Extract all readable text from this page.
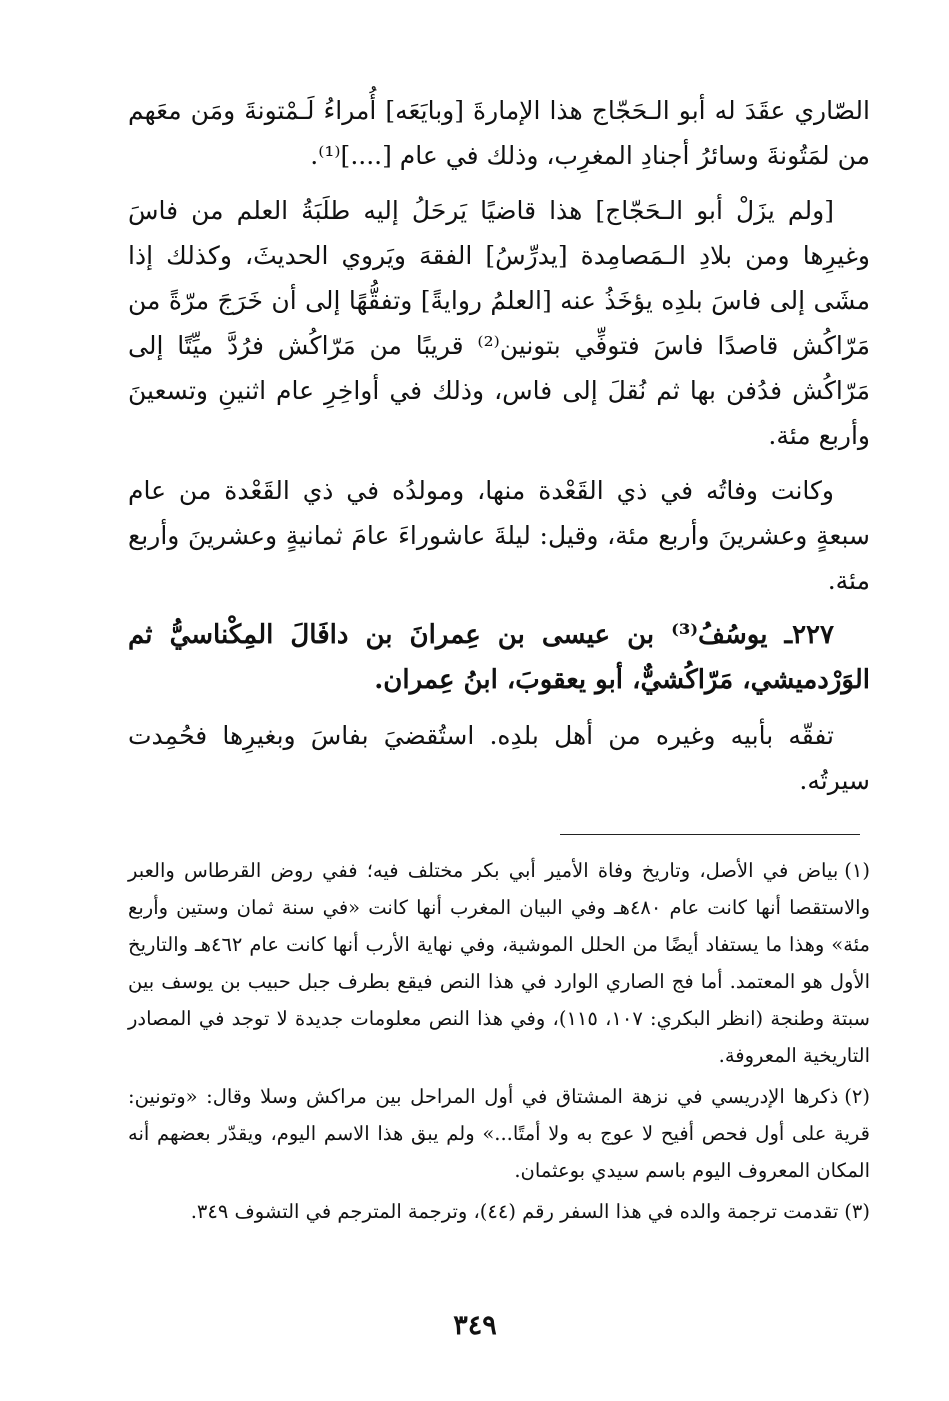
الصّاري عقَدَ له أبو الـحَجّاج هذا الإمارةَ [وبايَعَه] أُمراءُ لَـمْتونةَ ومَن معَهم من لمَتُونةَ وسائرُ أجنادِ المغرِب، وذلك في عام [....]⁽¹⁾.

[ولم يزَلْ أبو الـحَجّاج] هذا قاضيًا يَرحَلُ إليه طلَبَةُ العلم من فاسَ وغيرِها ومن بلادِ الـمَصامِدة [يدرِّسُ] الفقهَ ويَروي الحديثَ، وكذلك إذا مشَى إلى فاسَ بلدِه يؤخَذُ عنه [العلمُ روايةً] وتفقُّهًا إلى أن خَرَجَ مرّةً من مَرّاكُش قاصدًا فاسَ فتوفِّي بتونين⁽²⁾ قريبًا من مَرّاكُش فرُدَّ ميِّتًا إلى مَرّاكُش فدُفن بها ثم نُقلَ إلى فاس، وذلك في أواخِرِ عام اثنينِ وتسعينَ وأربع مئة.

وكانت وفاتُه في ذي القَعْدة منها، ومولدُه في ذي القَعْدة من عام سبعةٍ وعشرينَ وأربع مئة، وقيل: ليلةَ عاشوراءَ عامَ ثمانيةٍ وعشرينَ وأربع مئة.

٢٢٧ـ يوسُفُ⁽³⁾ بن عيسى بن عِمرانَ بن دافَالَ المِكْناسيُّ ثم الوَرْدميشي، مَرّاكُشيٌّ، أبو يعقوبَ، ابنُ عِمران.

تفقّه بأبيه وغيره من أهل بلدِه. استُقضيَ بفاسَ وبغيرِها فحُمِدت سيرتُه.

(١)بياض في الأصل، وتاريخ وفاة الأمير أبي بكر مختلف فيه؛ ففي روض القرطاس والعبر والاستقصا أنها كانت عام ٤٨٠هـ وفي البيان المغرب أنها كانت «في سنة ثمان وستين وأربع مئة» وهذا ما يستفاد أيضًا من الحلل الموشية، وفي نهاية الأرب أنها كانت عام ٤٦٢هـ والتاريخ الأول هو المعتمد. أما فج الصاري الوارد في هذا النص فيقع بطرف جبل حبيب بن يوسف بين سبتة وطنجة (انظر البكري: ١٠٧، ١١٥)، وفي هذا النص معلومات جديدة لا توجد في المصادر التاريخية المعروفة.

(٢)ذكرها الإدريسي في نزهة المشتاق في أول المراحل بين مراكش وسلا وقال: «وتونين: قرية على أول فحص أفيح لا عوج به ولا أمتًا...» ولم يبق هذا الاسم اليوم، ويقدّر بعضهم أنه المكان المعروف اليوم باسم سيدي بوعثمان.

(٣)تقدمت ترجمة والده في هذا السفر رقم (٤٤)، وترجمة المترجم في التشوف ٣٤٩.

٣٤٩
